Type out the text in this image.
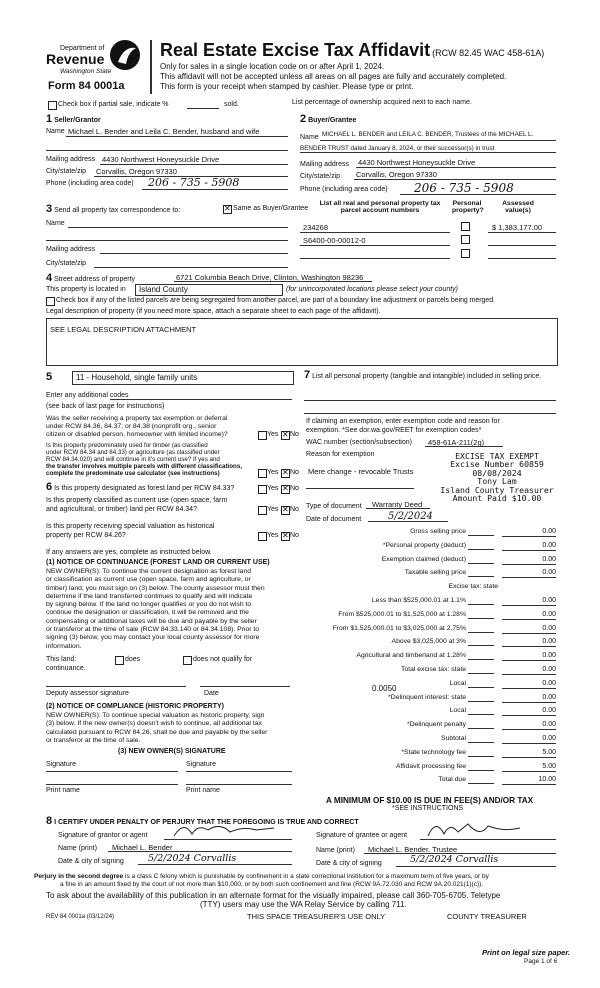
Department of
Revenue
Washington State
Form 84 0001a
Real Estate Excise Tax Affidavit (RCW 82.45 WAC 458-61A)
Only for sales in a single location code on or after April 1, 2024.
This affidavit will not be accepted unless all areas on all pages are fully and accurately completed.
This form is your receipt when stamped by cashier. Please type or print.
Check box if partial sale, indicate %	sold.	List percentage of ownership acquired next to each name.
1 Seller/Grantor
Name Michael L. Bender and Leila C. Bender, husband and wife
Mailing address 4430 Northwest Honeysuckle Drive
City/state/zip Corvallis, Oregon 97330
Phone (including area code) 206 - 735 - 5908
2 Buyer/Grantee
Name MICHAEL L. BENDER and LEILA C. BENDER, Trustees of the MICHAEL L.
BENDER TRUST dated January 8, 2024, or their successor(s) in trust
Mailing address 4430 Northwest Honeysuckle Drive
City/state/zip Corvallis, Oregon 97330
Phone (including area code) 206 - 735 - 5908
3 Send all property tax correspondence to: ✕	Same as Buyer/Grantee
Name
Mailing address
City/state/zip
List all real and personal property tax parcel account numbers
Personal property?
Assessed value(s)
234268	$ 1,383,177.00
S6400-00-00012-0
4 Street address of property	6721 Columbia Beach Drive, Clinton, Washington 98236
This property is located in Island County	(for unincorporated locations please select your county)
Check box if any of the listed parcels are being segregated from another parcel, are part of a boundary line adjustment or parcels being merged.
Legal description of property (if you need more space, attach a separate sheet to each page of the affidavit).
SEE LEGAL DESCRIPTION ATTACHMENT
5	11 - Household, single family units
Enter any additional codes
(see back of last page for instructions)
Was the seller receiving a property tax exemption or deferral
under RCW 84.36, 84.37, or 84.38 (nonprofit org., senior
citizen or disabled person, homeowner with limited income)?	Yes ✕ No
Is this property predominately used for timber (as classified
under RCW 84.34 and 84.33) or agriculture (as classified under
RCW 84.34.020) and will continue in it's current use? If yes and
the transfer involves multiple parcels with different classifications,
complete the predominate use calculator (see instructions)	Yes ✕ No
6 Is this property designated as forest land per RCW 84.33?	Yes ✕ No
Is this property classified as current use (open space, farm
and agricultural, or timber) land per RCW 84.34?	Yes ✕ No
Is this property receiving special valuation as historical
property per RCW 84.26?	Yes ✕ No
If any answers are yes, complete as instructed below.
(1) NOTICE OF CONTINUANCE (FOREST LAND OR CURRENT USE)
NEW OWNER(S): To continue the current designation as forest land
or classification as current use (open space, farm and agriculture, or
timber) land, you must sign on (3) below. The county assessor must then
determine if the land transferred continues to qualify and will indicate
by signing below. If the land no longer qualifies or you do not wish to
continue the designation or classification, it will be removed and the
compensating or additional taxes will be due and payable by the seller
or transferor at the time of sale (RCW 84.33.140 or 84.34.108). Prior to
signing (3) below, you may contact your local county assessor for more
information.
This land:	does	does not qualify for
continuance.
Deputy assessor signature	Date
(2) NOTICE OF COMPLIANCE (HISTORIC PROPERTY)
NEW OWNER(S): To continue special valuation as historic property, sign
(3) below. If the new owner(s) doesn't wish to continue, all additional tax
calculated pursuant to RCW 84.26, shall be due and payable by the seller
or transferor at the time of sale.
(3) NEW OWNER(S) SIGNATURE
Signature	Signature
Print name	Print name
7 List all personal property (tangible and intangible) included in selling price.
If claiming an exemption, enter exemption code and reason for
exemption. *See dor.wa.gov/REET for exemption codes*
WAC number (section/subsection) 458-61A-211(2g)
Reason for exemption
Mere change - revocable Trusts
EXCISE TAX EXEMPT
Excise Number 60859
08/08/2024
Tony Lam
Island County Treasurer
Amount Paid $10.00
Type of document Warranty Deed
Date of document	5/2/2024
Gross selling price	0.00
*Personal property (deduct)	0.00
Exemption claimed (deduct)	0.00
Taxable selling price	0.00
Excise tax: state
Less than $525,000.01 at 1.1%	0.00
From $525,000.01 to $1,525,000 at 1.28%	0.00
From $1,525,000.01 to $3,025,000 at 2.75%	0.00
Above $3,025,000 at 3%	0.00
Agricultural and timberland at 1.28%	0.00
Total excise tax: state	0.00
Local	0.00
*Delinquent interest: state	0.00
Local	0.00
*Delinquent penalty	0.00
Subtotal	0.00
*State technology fee	5.00
Affidavit processing fee	5.00
Total due	10.00
0.0050
A MINIMUM OF $10.00 IS DUE IN FEE(S) AND/OR TAX
*SEE INSTRUCTIONS
8 I CERTIFY UNDER PENALTY OF PERJURY THAT THE FOREGOING IS TRUE AND CORRECT
Signature of grantor or agent	Signature of grantee or agent
Name (print) Michael L. Bender	Name (print) Michael L. Bender, Trustee
Date & city of signing	5/2/2024 Corvallis	Date & city of signing	5/2/2024 Corvallis
Perjury in the second degree is a class C felony which is punishable by confinement in a state correctional institution for a maximum term of five years, or by
a fine in an amount fixed by the court of not more than $10,000, or by both such confinement and fine (RCW 9A.72.030 and RCW 9A.20.021(1)(c)).
To ask about the availability of this publication in an alternate format for the visually impaired, please call 360-705-6705. Teletype
(TTY) users may use the WA Relay Service by calling 711.
REV 84 0001a (03/12/24)	THIS SPACE TREASURER'S USE ONLY	COUNTY TREASURER
Print on legal size paper.
Page 1 of 6
